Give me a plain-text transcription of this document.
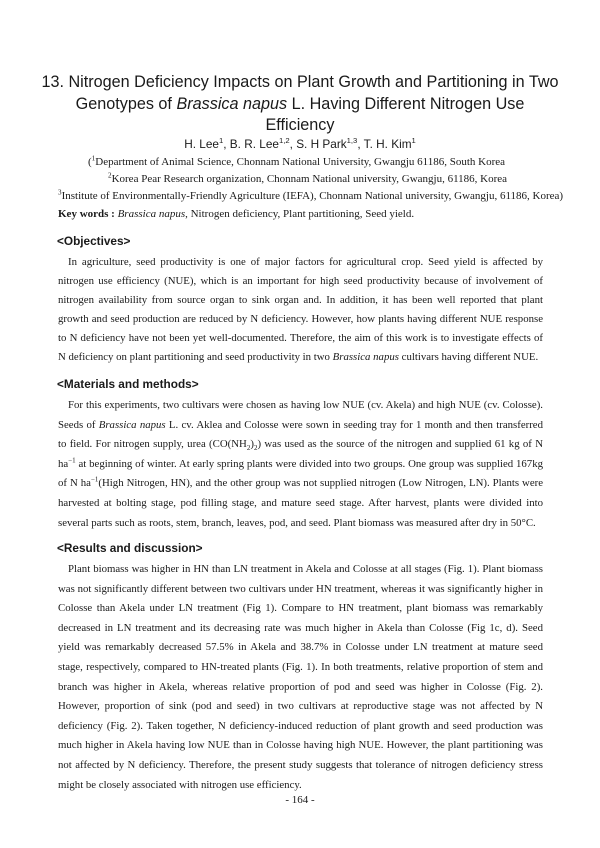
13. Nitrogen Deficiency Impacts on Plant Growth and Partitioning in Two Genotypes of Brassica napus L. Having Different Nitrogen Use Efficiency
H. Lee$^1$, B. R. Lee$^{1,2}$, S. H Park$^{1,3}$, T. H. Kim$^1$
($^1$Department of Animal Science, Chonnam National University, Gwangju 61186, South Korea
$^2$Korea Pear Research organization, Chonnam National university, Gwangju, 61186, Korea
$^3$Institute of Environmentally-Friendly Agriculture (IEFA), Chonnam National university, Gwangju, 61186, Korea)
Key words : Brassica napus, Nitrogen deficiency, Plant partitioning, Seed yield.
<Objectives>
In agriculture, seed productivity is one of major factors for agricultural crop. Seed yield is affected by nitrogen use efficiency (NUE), which is an important for high seed productivity because of involvement of nitrogen availability from source organ to sink organ and. In addition, it has been well reported that plant growth and seed production are reduced by N deficiency. However, how plants having different NUE response to N deficiency have not been yet well-documented. Therefore, the aim of this work is to investigate effects of N deficiency on plant partitioning and seed productivity in two Brassica napus cultivars having different NUE.
<Materials and methods>
For this experiments, two cultivars were chosen as having low NUE (cv. Akela) and high NUE (cv. Colosse). Seeds of Brassica napus L. cv. Aklea and Colosse were sown in seeding tray for 1 month and then transferred to field. For nitrogen supply, urea $(CO(NH_2)_2)$ was used as the source of the nitrogen and supplied 61 kg of N $ha^{-1}$ at beginning of winter. At early spring plants were divided into two groups. One group was supplied 167kg of N $ha^{-1}(High$ Nitrogen, HN), and the other group was not supplied nitrogen (Low Nitrogen, LN). Plants were harvested at bolting stage, pod filling stage, and mature seed stage. After harvest, plants were divided into several parts such as roots, stem, branch, leaves, pod, and seed. Plant biomass was measured after dry in 50°C.
<Results and discussion>
Plant biomass was higher in HN than LN treatment in Akela and Colosse at all stages (Fig. 1). Plant biomass was not significantly different between two cultivars under HN treatment, whereas it was significantly higher in Colosse than Akela under LN treatment (Fig 1). Compare to HN treatment, plant biomass was remarkably decreased in LN treatment and its decreasing rate was much higher in Akela than Colosse (Fig 1c, d). Seed yield was remarkably decreased 57.5% in Akela and 38.7% in Colosse under LN treatment at mature seed stage, respectively, compared to HN-treated plants (Fig. 1). In both treatments, relative proportion of stem and branch was higher in Akela, whereas relative proportion of pod and seed was higher in Colosse (Fig. 2). However, proportion of sink (pod and seed) in two cultivars at reproductive stage was not affected by N deficiency (Fig. 2). Taken together, N deficiency-induced reduction of plant growth and seed production was much higher in Akela having low NUE than in Colosse having high NUE. However, the plant partitioning was not affected by N deficiency. Therefore, the present study suggests that tolerance of nitrogen deficiency stress might be closely associated with nitrogen use efficiency.
- 164 -
